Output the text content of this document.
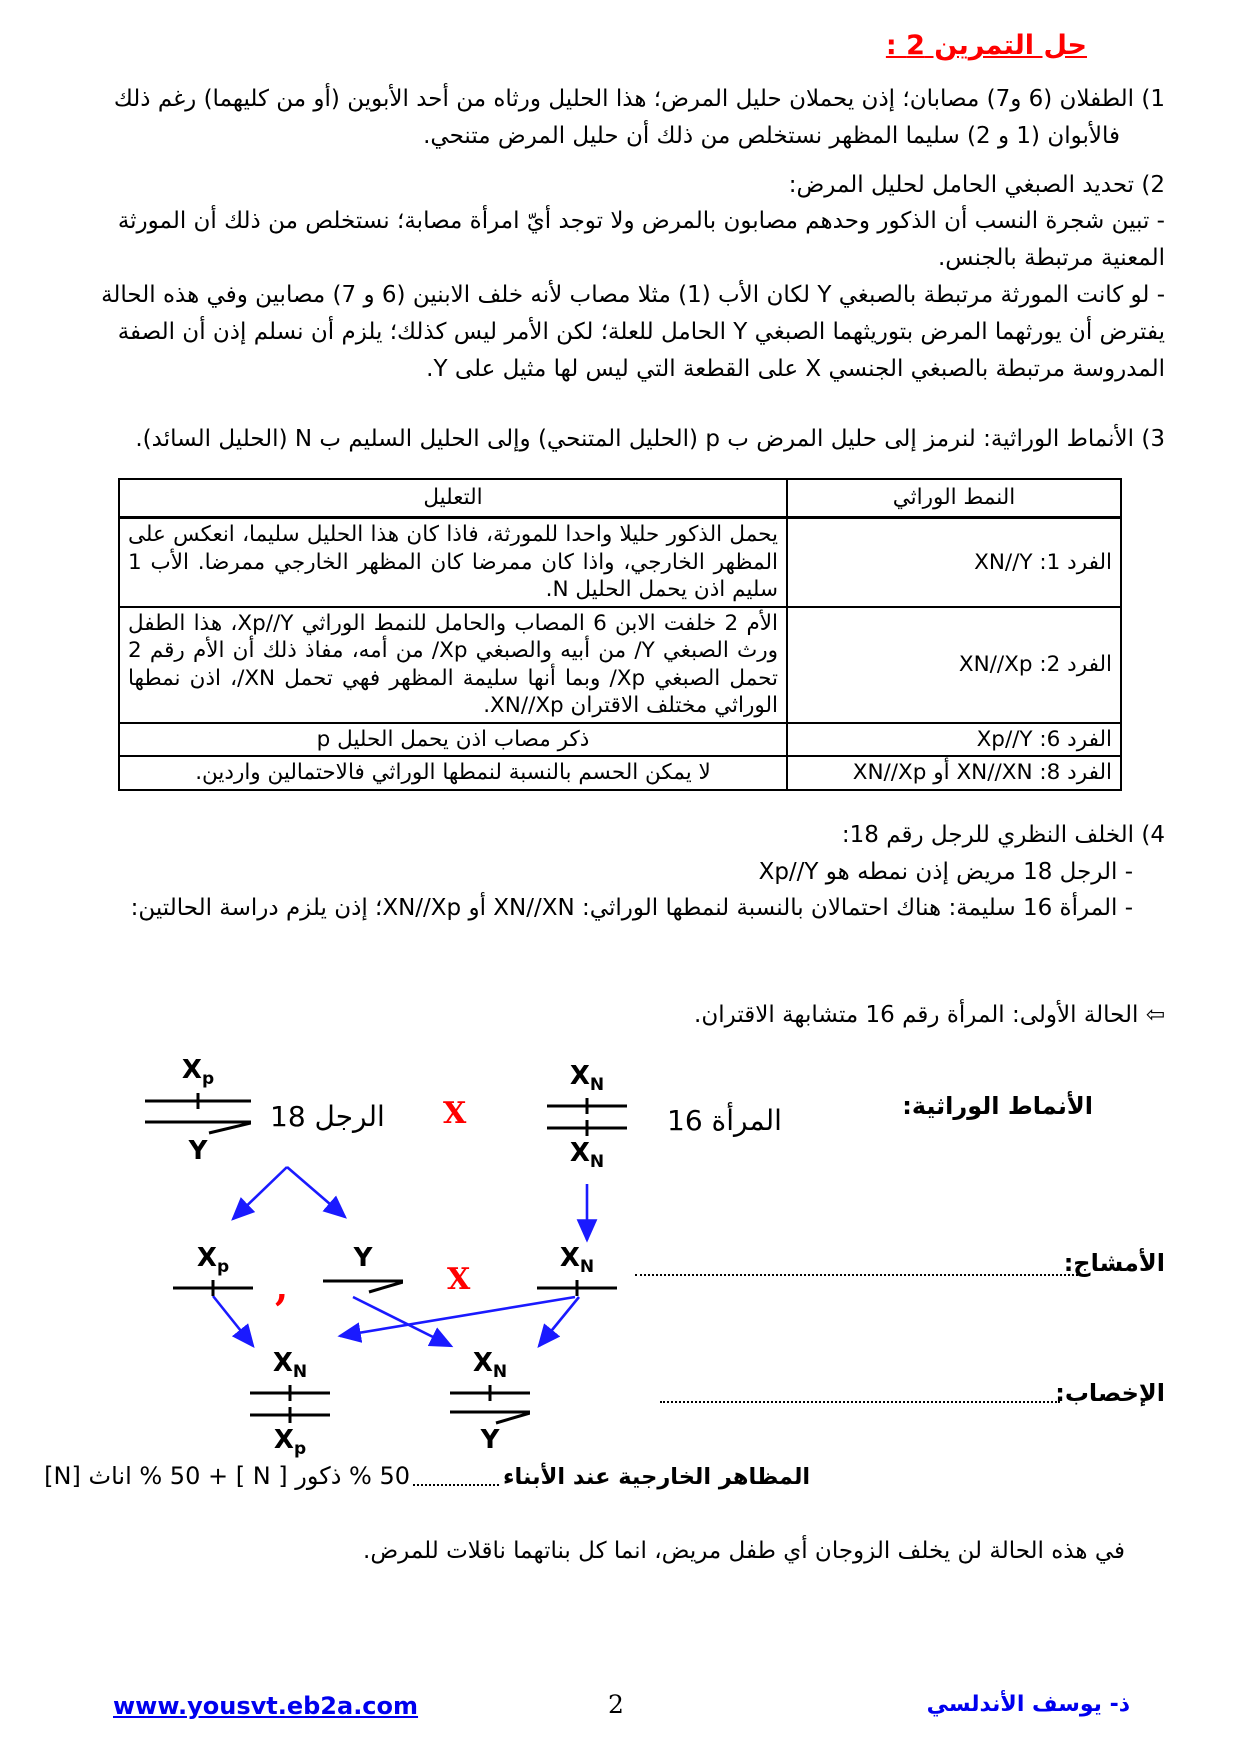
حل التمرين 2 :

1) الطفلان (6 و7) مصابان؛ إذن يحملان حليل المرض؛ هذا الحليل ورثاه من أحد الأبوين (أو من كليهما) رغم ذلك فالأبوان (1 و 2) سليما المظهر نستخلص من ذلك أن حليل المرض متنحي.

2) تحديد الصبغي الحامل لحليل المرض:

- تبين شجرة النسب أن الذكور وحدهم مصابون بالمرض ولا توجد أيّ امرأة مصابة؛ نستخلص من ذلك أن المورثة المعنية مرتبطة بالجنس.

- لو كانت المورثة مرتبطة بالصبغي Y لكان الأب (1) مثلا مصاب لأنه خلف الابنين (6 و 7) مصابين وفي هذه الحالة يفترض أن يورثهما المرض بتوريثهما الصبغي Y الحامل للعلة؛ لكن الأمر ليس كذلك؛ يلزم أن نسلم إذن أن الصفة المدروسة مرتبطة بالصبغي الجنسي X على القطعة التي ليس لها مثيل على Y.

3) الأنماط الوراثية: لنرمز إلى حليل المرض ب p (الحليل المتنحي) وإلى الحليل السليم ب N (الحليل السائد).

النمط الوراثي	التعليل
الفرد 1: XN//Y	يحمل الذكور حليلا واحدا للمورثة، فاذا كان هذا الحليل سليما، انعكس على المظهر الخارجي، واذا كان ممرضا كان المظهر الخارجي ممرضا. الأب 1 سليم اذن يحمل الحليل N.
الفرد 2: XN//Xp	الأم 2 خلفت الابن 6 المصاب والحامل للنمط الوراثي Xp//Y، هذا الطفل ورث الصبغي Y/ من أبيه والصبغي Xp/ من أمه، مفاذ ذلك أن الأم رقم 2 تحمل الصبغي Xp/ وبما أنها سليمة المظهر فهي تحمل XN/، اذن نمطها الوراثي مختلف الاقتران XN//Xp.
الفرد 6: Xp//Y	ذكر مصاب اذن يحمل الحليل p
الفرد 8: XN//XN أو XN//Xp	لا يمكن الحسم بالنسبة لنمطها الوراثي فالاحتمالين واردين.

4) الخلف النظري للرجل رقم 18:

- الرجل 18 مريض إذن نمطه هو Xp//Y

- المرأة 16 سليمة: هناك احتمالان بالنسبة لنمطها الوراثي: XN//XN أو XN//Xp؛ إذن يلزم دراسة الحالتين:

⇦ الحالة الأولى: المرأة رقم 16 متشابهة الاقتران.

$X_p$
Y
الرجل 18 X
$X_N$
$X_N$
المرأة 16	الأنماط الوراثية:
$X_p$ ,
Y
X
$X_N$	الأمشاج:
$X_N$
$X_p$
$X_N$
Y
الإخصاب:
المظاهر الخارجية عند الأبناء
50 % ذكور [ N ] + 50 % اناث [N]

في هذه الحالة لن يخلف الزوجان أي طفل مريض، انما كل بناتهما ناقلات للمرض.

www.yousvt.eb2a.com	2	ذ- يوسف الأندلسي
